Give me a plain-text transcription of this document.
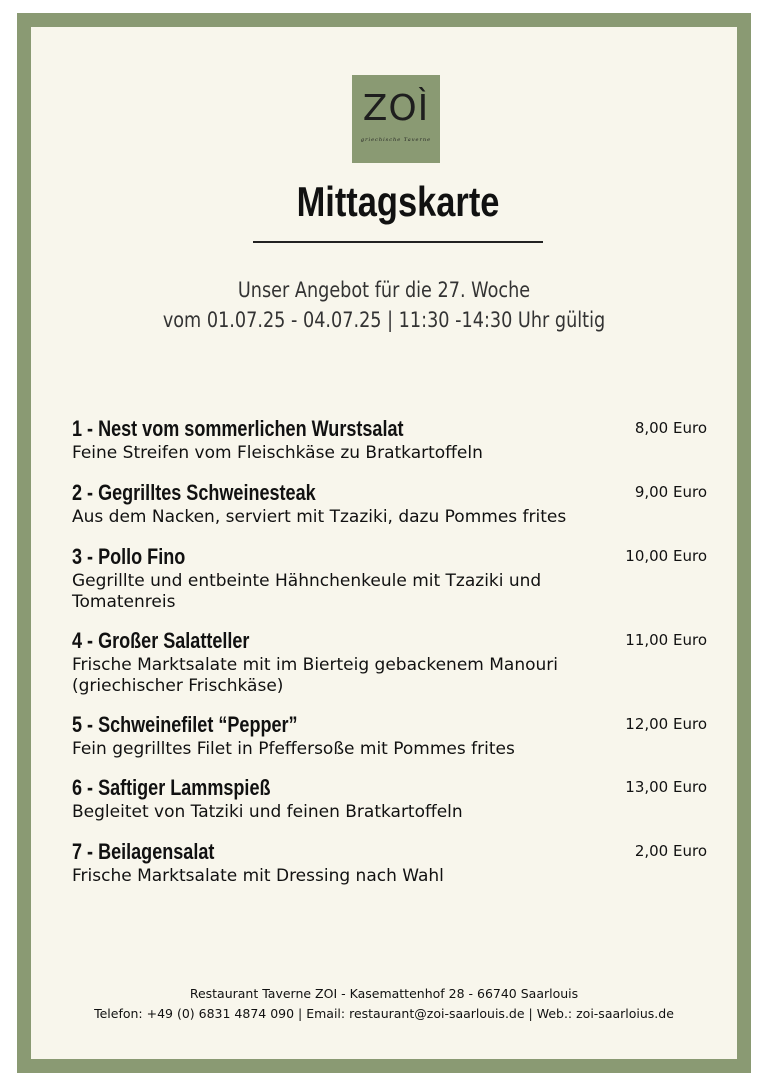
ZOÌ
griechische Taverne
Mittagskarte
Unser Angebot für die 27. Woche
vom 01.07.25 - 04.07.25 | 11:30 -14:30 Uhr gültig
1 - Nest vom sommerlichen Wurstsalat
Feine Streifen vom Fleischkäse zu Bratkartoffeln
8,00 Euro
2 - Gegrilltes Schweinesteak
Aus dem Nacken, serviert mit Tzaziki, dazu Pommes frites
9,00 Euro
3 - Pollo Fino
Gegrillte und entbeinte Hähnchenkeule mit Tzaziki und Tomatenreis
10,00 Euro
4 - Großer Salatteller
Frische Marktsalate mit im Bierteig gebackenem Manouri (griechischer Frischkäse)
11,00 Euro
5 - Schweinefilet “Pepper”
Fein gegrilltes Filet in Pfeffersoße mit Pommes frites
12,00 Euro
6 - Saftiger Lammspieß
Begleitet von Tatziki und feinen Bratkartoffeln
13,00 Euro
7 - Beilagensalat
Frische Marktsalate mit Dressing nach Wahl
2,00 Euro
Restaurant Taverne ZOI - Kasemattenhof 28 - 66740 Saarlouis
Telefon: +49 (0) 6831 4874 090 | Email: restaurant@zoi-saarlouis.de | Web.: zoi-saarloius.de
